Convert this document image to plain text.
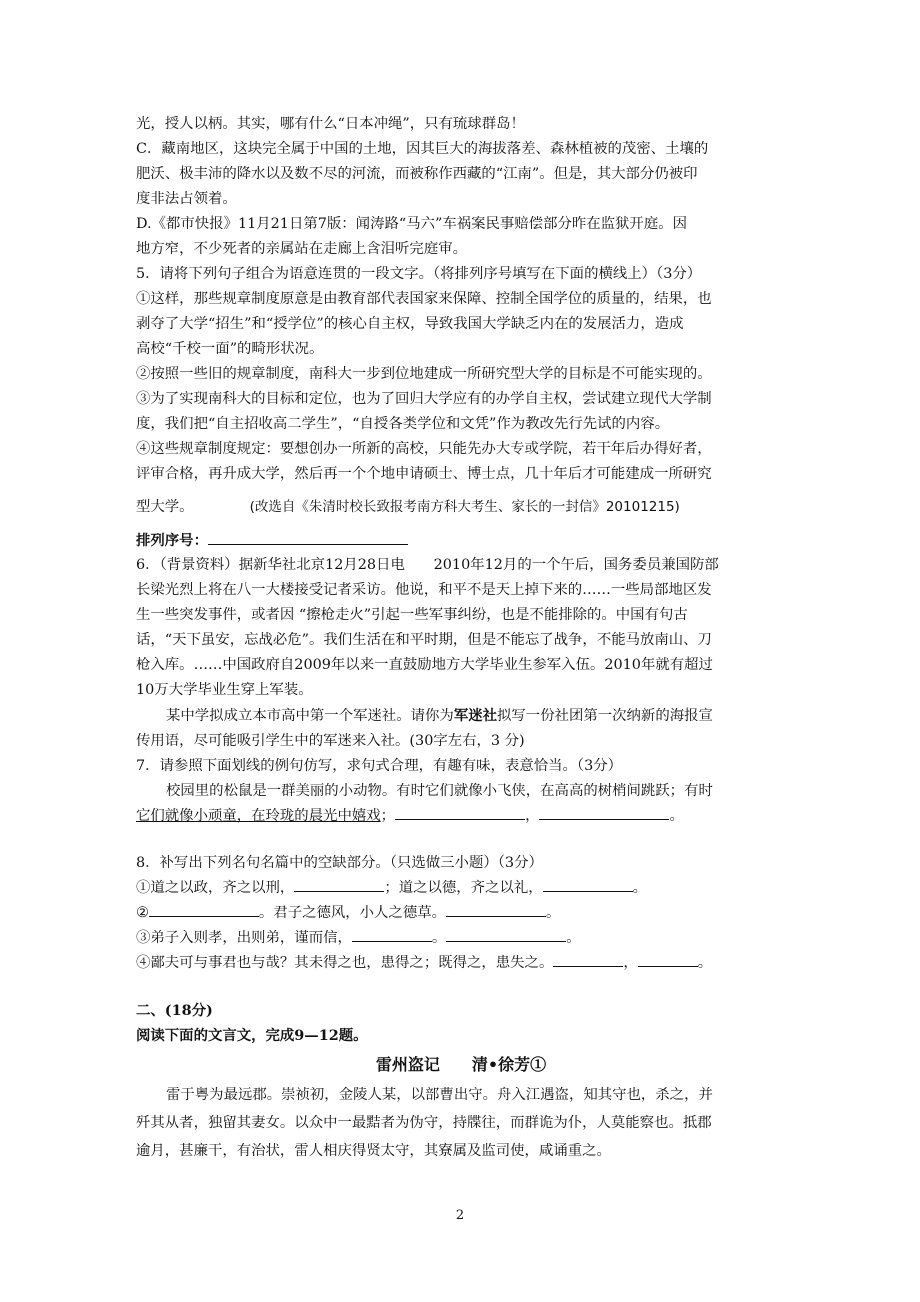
光，授人以柄。其实，哪有什么“日本冲绳”，只有琉球群岛！
C．藏南地区，这块完全属于中国的土地，因其巨大的海拔落差、森林植被的茂密、土壤的
肥沃、极丰沛的降水以及数不尽的河流，而被称作西藏的“江南”。但是，其大部分仍被印
度非法占领着。
D.《都市快报》11月21日第7版：闻涛路“马六”车祸案民事赔偿部分昨在监狱开庭。因
地方窄，不少死者的亲属站在走廊上含泪听完庭审。
5．请将下列句子组合为语意连贯的一段文字。（将排列序号填写在下面的横线上）（3分）
①这样，那些规章制度原意是由教育部代表国家来保障、控制全国学位的质量的，结果，也
剥夺了大学“招生”和“授学位”的核心自主权，导致我国大学缺乏内在的发展活力，造成
高校“千校一面”的畸形状况。
②按照一些旧的规章制度，南科大一步到位地建成一所研究型大学的目标是不可能实现的。
③为了实现南科大的目标和定位，也为了回归大学应有的办学自主权，尝试建立现代大学制
度，我们把“自主招收高二学生”，“自授各类学位和文凭”作为教改先行先试的内容。
④这些规章制度规定：要想创办一所新的高校，只能先办大专或学院，若干年后办得好者，
评审合格，再升成大学，然后再一个个地申请硕士、博士点，几十年后才可能建成一所研究
型大学。	(改选自《朱清时校长致报考南方科大考生、家长的一封信》20101215)
排列序号：
6．（背景资料）据新华社北京12月28日电　　2010年12月的一个午后，国务委员兼国防部
长梁光烈上将在八一大楼接受记者采访。他说，和平不是天上掉下来的……一些局部地区发
生一些突发事件，或者因 “擦枪走火”引起一些军事纠纷，也是不能排除的。中国有句古
话，“天下虽安，忘战必危”。我们生活在和平时期，但是不能忘了战争，不能马放南山、刀
枪入库。……中国政府自2009年以来一直鼓励地方大学毕业生参军入伍。2010年就有超过
10万大学毕业生穿上军装。
某中学拟成立本市高中第一个军迷社。请你为军迷社拟写一份社团第一次纳新的海报宣
传用语，尽可能吸引学生中的军迷来入社。(30字左右，3 分)
7．请参照下面划线的例句仿写，求句式合理，有趣有味，表意恰当。（3分）
校园里的松鼠是一群美丽的小动物。有时它们就像小飞侠，在高高的树梢间跳跃；有时
它们就像小顽童，在玲珑的晨光中嬉戏；	，	。
8．补写出下列名句名篇中的空缺部分。（只选做三小题）（3分）
①道之以政，齐之以刑，	；道之以德，齐之以礼，	。
②	。君子之德风，小人之德草。	。
③弟子入则孝，出则弟，谨而信，	。	。
④鄙夫可与事君也与哉？其未得之也，患得之；既得之，患失之。	，	。
二、(18分)
阅读下面的文言文，完成9—12题。
雷州盗记　　清•徐芳①
雷于粤为最远郡。崇祯初，金陵人某，以部曹出守。舟入江遇盗，知其守也，杀之，并
歼其从者，独留其妻女。以众中一最黠者为伪守，持牒往，而群诡为仆，人莫能察也。抵郡
逾月，甚廉干，有治状，雷人相庆得贤太守，其寮属及监司使，咸诵重之。
2
